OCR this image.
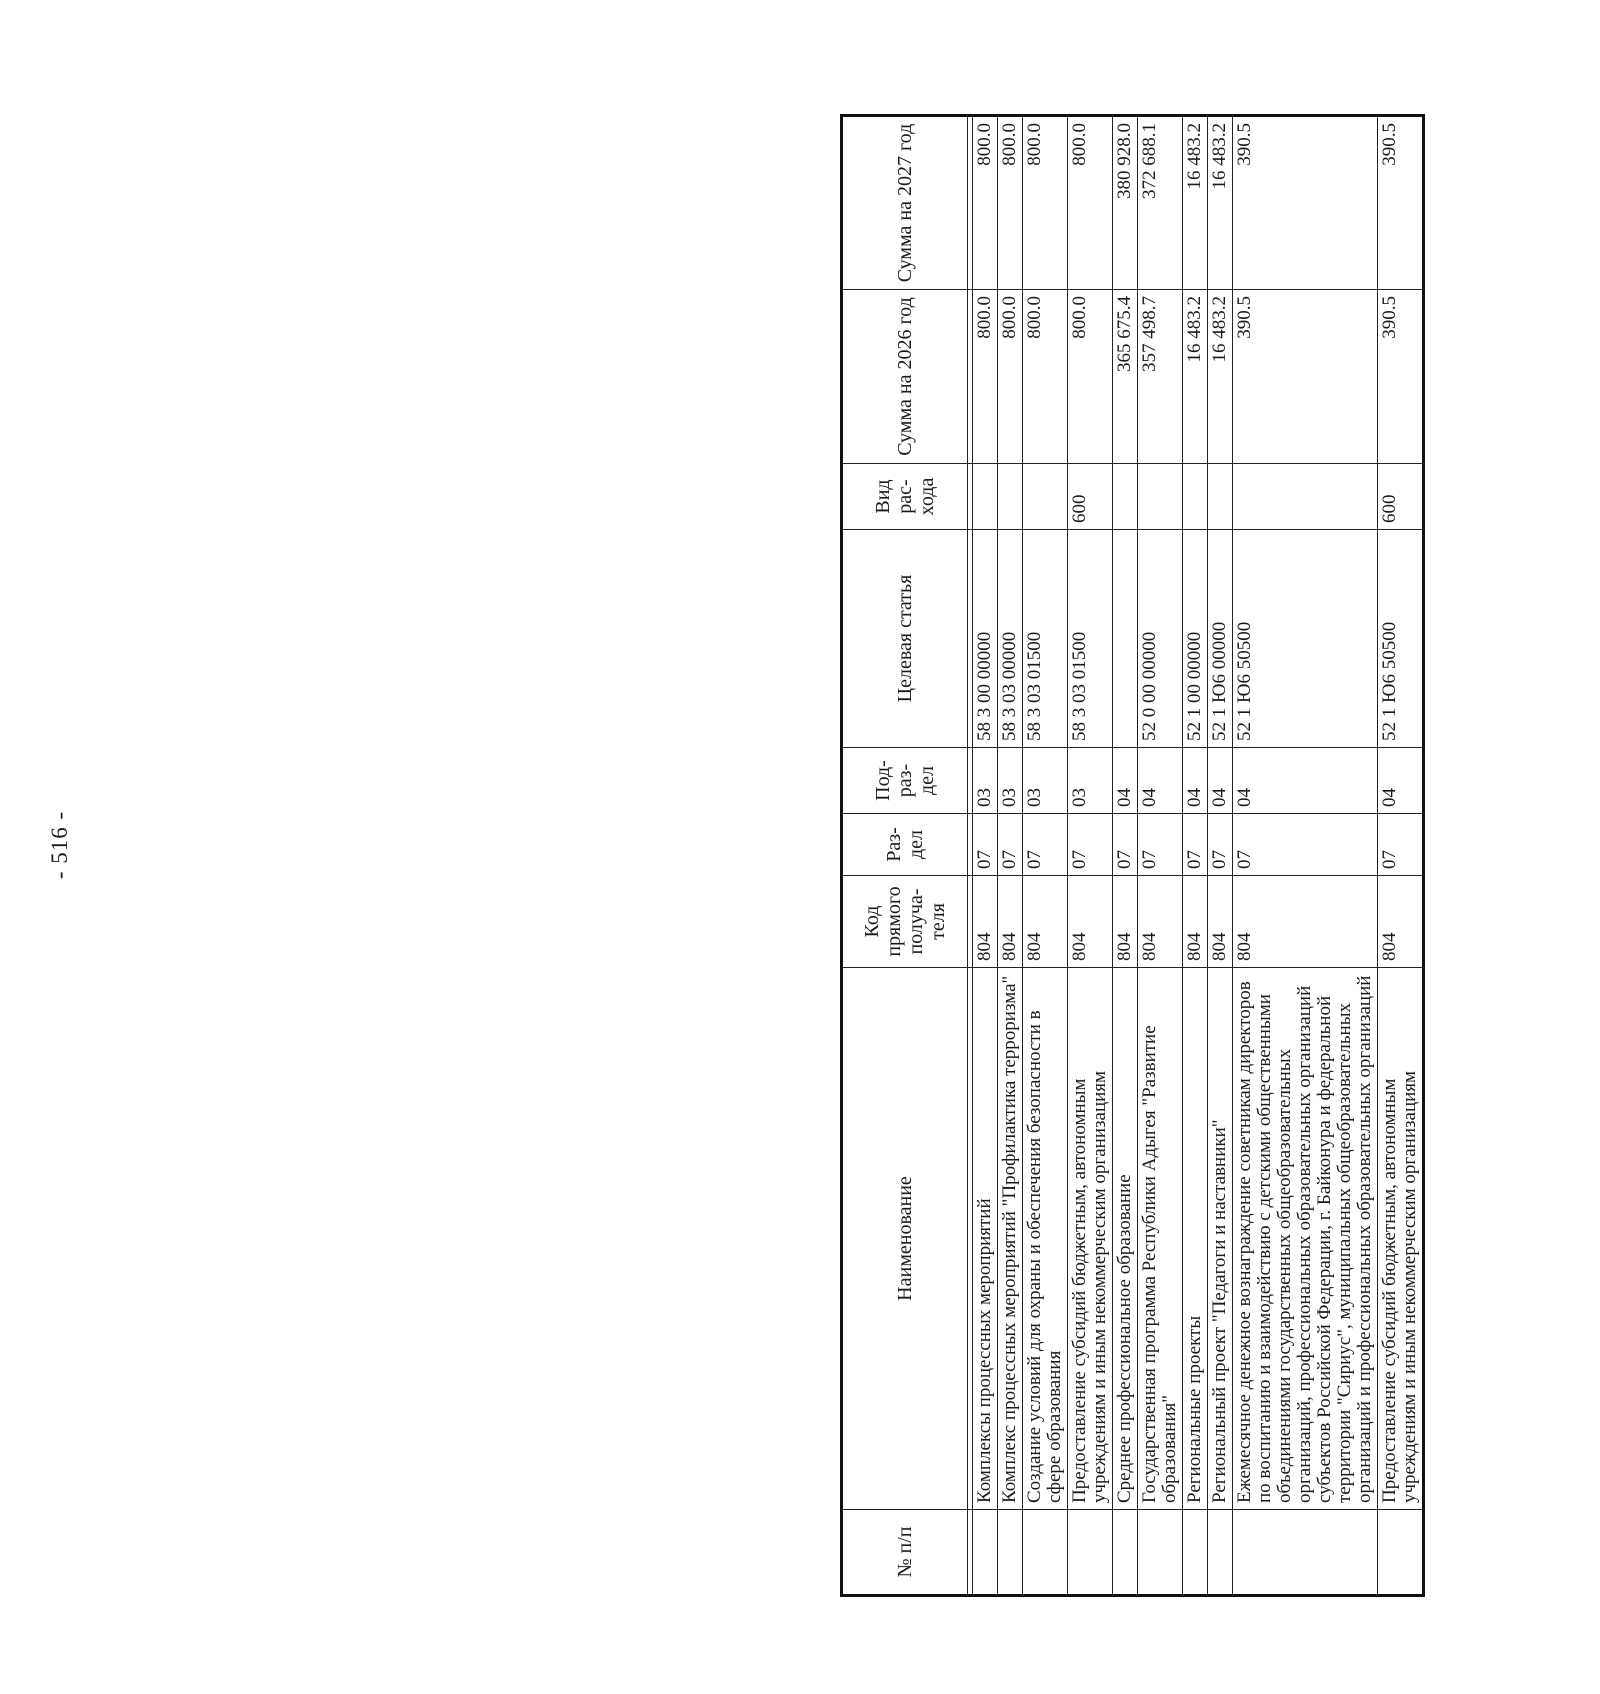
- 516 -
№ п/п	Наименование	Код прямого получа- теля	Раз- дел	Под- раз- дел	Целевая статья	Вид рас- хода	Сумма на 2026 год	Сумма на 2027 год

	Комплексы процессных мероприятий	804	07	03	58 3 00 00000		800.0	800.0
	Комплекс процессных мероприятий "Профилактика терроризма"	804	07	03	58 3 03 00000		800.0	800.0
	Создание условий для охраны и обеспечения безопасности в сфере образования	804	07	03	58 3 03 01500		800.0	800.0
	Предоставление субсидий бюджетным, автономным учреждениям и иным некоммерческим организациям	804	07	03	58 3 03 01500	600	800.0	800.0
	Среднее профессиональное образование	804	07	04			365 675.4	380 928.0
	Государственная программа Республики Адыгея "Развитие образования"	804	07	04	52 0 00 00000		357 498.7	372 688.1
	Региональные проекты	804	07	04	52 1 00 00000		16 483.2	16 483.2
	Региональный проект "Педагоги и наставники"	804	07	04	52 1 Ю6 00000		16 483.2	16 483.2
	Ежемесячное денежное вознаграждение советникам директоров по воспитанию и взаимодействию с детскими общественными объединениями государственных общеобразовательных организаций, профессиональных образовательных организаций субъектов Российской Федерации, г. Байконура и федеральной территории "Сириус", муниципальных общеобразовательных организаций и профессиональных образовательных организаций	804	07	04	52 1 Ю6 50500		390.5	390.5
	Предоставление субсидий бюджетным, автономным учреждениям и иным некоммерческим организациям	804	07	04	52 1 Ю6 50500	600	390.5	390.5
